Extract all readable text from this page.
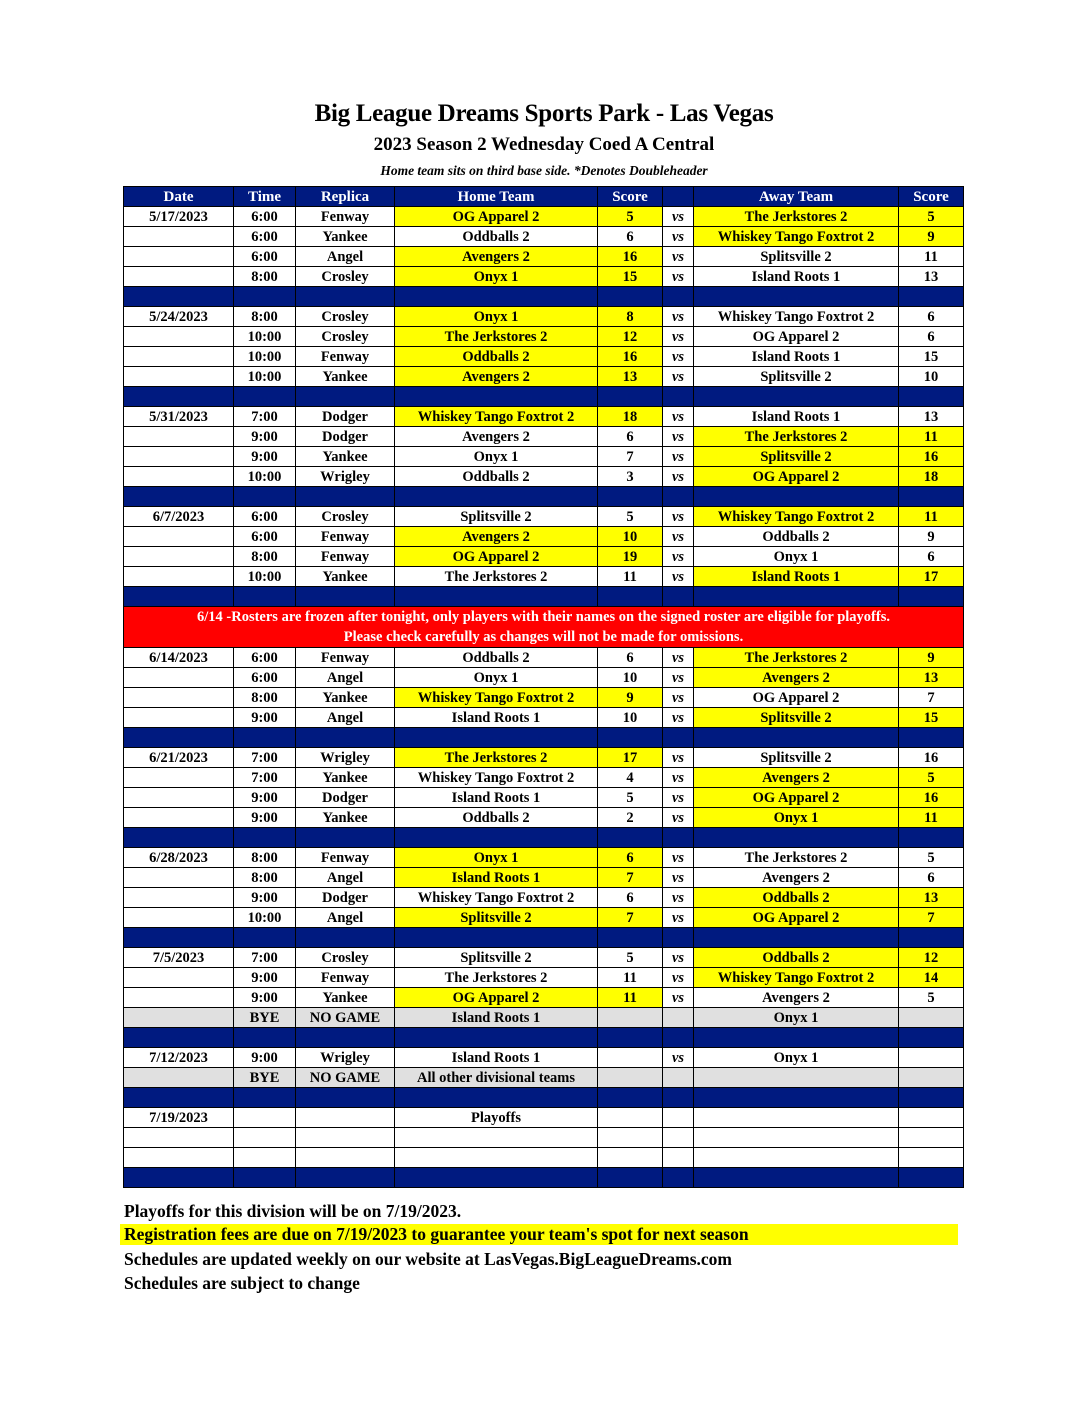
Big League Dreams Sports Park - Las Vegas
2023 Season 2 Wednesday Coed A Central
Home team sits on third base side. *Denotes Doubleheader
Date	Time	Replica	Home Team	Score		Away Team	Score
5/17/2023	6:00	Fenway	OG Apparel 2	5	vs	The Jerkstores 2	5
	6:00	Yankee	Oddballs 2	6	vs	Whiskey Tango Foxtrot 2	9
	6:00	Angel	Avengers 2	16	vs	Splitsville 2	11
	8:00	Crosley	Onyx 1	15	vs	Island Roots 1	13

5/24/2023	8:00	Crosley	Onyx 1	8	vs	Whiskey Tango Foxtrot 2	6
	10:00	Crosley	The Jerkstores 2	12	vs	OG Apparel 2	6
	10:00	Fenway	Oddballs 2	16	vs	Island Roots 1	15
	10:00	Yankee	Avengers 2	13	vs	Splitsville 2	10

5/31/2023	7:00	Dodger	Whiskey Tango Foxtrot 2	18	vs	Island Roots 1	13
	9:00	Dodger	Avengers 2	6	vs	The Jerkstores 2	11
	9:00	Yankee	Onyx 1	7	vs	Splitsville 2	16
	10:00	Wrigley	Oddballs 2	3	vs	OG Apparel 2	18

6/7/2023	6:00	Crosley	Splitsville 2	5	vs	Whiskey Tango Foxtrot 2	11
	6:00	Fenway	Avengers 2	10	vs	Oddballs 2	9
	8:00	Fenway	OG Apparel 2	19	vs	Onyx 1	6
	10:00	Yankee	The Jerkstores 2	11	vs	Island Roots 1	17

6/14 -Rosters are frozen after tonight, only players with their names on the signed roster are eligible for playoffs.
Please check carefully as changes will not be made for omissions.							

6/14/2023	6:00	Fenway	Oddballs 2	6	vs	The Jerkstores 2	9
	6:00	Angel	Onyx 1	10	vs	Avengers 2	13
	8:00	Yankee	Whiskey Tango Foxtrot 2	9	vs	OG Apparel 2	7
	9:00	Angel	Island Roots 1	10	vs	Splitsville 2	15

6/21/2023	7:00	Wrigley	The Jerkstores 2	17	vs	Splitsville 2	16
	7:00	Yankee	Whiskey Tango Foxtrot 2	4	vs	Avengers 2	5
	9:00	Dodger	Island Roots 1	5	vs	OG Apparel 2	16
	9:00	Yankee	Oddballs 2	2	vs	Onyx 1	11

6/28/2023	8:00	Fenway	Onyx 1	6	vs	The Jerkstores 2	5
	8:00	Angel	Island Roots 1	7	vs	Avengers 2	6
	9:00	Dodger	Whiskey Tango Foxtrot 2	6	vs	Oddballs 2	13
	10:00	Angel	Splitsville 2	7	vs	OG Apparel 2	7

7/5/2023	7:00	Crosley	Splitsville 2	5	vs	Oddballs 2	12
	9:00	Fenway	The Jerkstores 2	11	vs	Whiskey Tango Foxtrot 2	14
	9:00	Yankee	OG Apparel 2	11	vs	Avengers 2	5
	BYE	NO GAME	Island Roots 1			Onyx 1	

7/12/2023	9:00	Wrigley	Island Roots 1		vs	Onyx 1	
	BYE	NO GAME	All other divisional teams				

7/19/2023			Playoffs				

Playoffs for this division will be on 7/19/2023.
Registration fees are due on 7/19/2023 to guarantee your team's spot for next season
Schedules are updated weekly on our website at LasVegas.BigLeagueDreams.com
Schedules are subject to change
